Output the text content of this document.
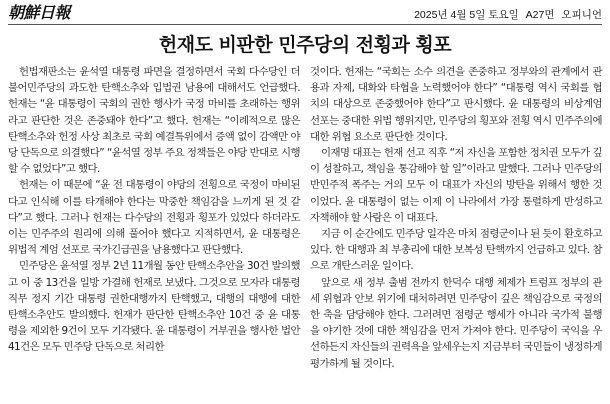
朝鮮日報	2025년 4월 5일 토요일 A27면 오피니언
헌재도 비판한 민주당의 전횡과 횡포

헌법재판소는 윤석열 대통령 파면을 결정하면서 국회 다수당인 더불어민주당의 과도한 탄핵소추와 입법권 남용에 대해서도 언급했다. 헌재는 “윤 대통령이 국회의 권한 행사가 국정 마비를 초래하는 행위라고 판단한 것은 존중돼야 한다”고 했다. 헌재는 “이례적으로 많은 탄핵소추와 헌정 사상 최초로 국회 예결특위에서 증액 없이 감액만 야당 단독으로 의결했다” “윤석열 정부 주요 정책들은 야당 반대로 시행할 수 없었다”고 했다.

헌재는 이 때문에 “윤 전 대통령이 야당의 전횡으로 국정이 마비된다고 인식해 이를 타개해야 한다는 막중한 책임감을 느끼게 된 것 같다”고 했다. 그러나 헌재는 다수당의 전횡과 횡포가 있었다 하더라도 이는 민주주의 원리에 의해 풀어야 했다고 지적하면서, 윤 대통령은 위법적 계엄 선포로 국가긴급권을 남용했다고 판단했다.

민주당은 윤석열 정부 2년 11개월 동안 탄핵소추안을 30건 발의했고 이 중 13건을 일방 가결해 헌재로 보냈다. 그것으로 모자라 대통령 직무 정지 기간 대통령 권한대행까지 탄핵했고, 대행의 대행에 대한 탄핵소추안도 발의했다. 헌재가 판단한 탄핵소추안 10건 중 윤 대통령을 제외한 9건이 모두 기각됐다. 윤 대통령이 거부권을 행사한 법안 41건은 모두 민주당 단독으로 처리한

것이다. 헌재는 “국회는 소수 의견을 존중하고 정부와의 관계에서 관용과 자제, 대화와 타협을 노력했어야 한다” “대통령 역시 국회를 협치의 대상으로 존중했어야 한다”고 판시했다. 윤 대통령의 비상계엄 선포는 중대한 위법 행위지만, 민주당의 횡포와 전횡 역시 민주주의에 대한 위협 요소로 판단한 것이다.

이재명 대표는 헌재 선고 직후 “저 자신을 포함한 정치권 모두가 깊이 성찰하고, 책임을 통감해야 할 일”이라고 말했다. 그러나 민주당의 반민주적 폭주는 거의 모두 이 대표가 자신의 방탄을 위해서 행한 것이었다. 윤 대통령이 없는 이제 이 나라에서 가장 통렬하게 반성하고 자책해야 할 사람은 이 대표다.

지금 이 순간에도 민주당 일각은 마치 점령군이나 된 듯이 환호하고 있다. 한 대행과 최 부총리에 대한 보복성 탄핵까지 언급하고 있다. 참으로 개탄스러운 일이다.

앞으로 새 정부 출범 전까지 한덕수 대행 체제가 트럼프 정부의 관세 위협과 안보 위기에 대처하려면 민주당이 깊은 책임감으로 국정의 한 축을 담당해야 한다. 그러려면 점령군 행세가 아니라 국가적 불행을 야기한 것에 대한 책임감을 먼저 가져야 한다. 민주당이 국익을 우선하든지 자신들의 권력욕을 앞세우는지 지금부터 국민들이 냉정하게 평가하게 될 것이다.
